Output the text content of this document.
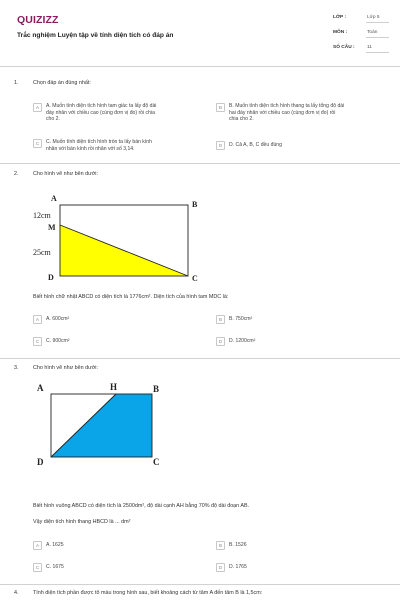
QUIZIZZ
Trắc nghiệm Luyện tập về tính diện tích có đáp án
LỚP :	Lớp 5
MÔN :	Toán
SỐ CÂU :	11
1.	Chọn đáp án đúng nhất:
A	A. Muốn tính diện tích hình tam giác ta lấy độ dài
đáy nhân với chiều cao (cùng đơn vị đo) rồi chia
cho 2.
B	B. Muốn tính diện tích hình thang ta lấy tổng độ dài
hai đáy nhân với chiều cao (cùng đơn vị đo) rồi
chia cho 2.
C	C. Muốn tính diện tích hình tròn ta lấy bán kính
nhân với bán kính rồi nhân với số 3,14.
D	D. Cả A, B, C đều đúng
2.	Cho hình vẽ như bên dưới:
A
B
C
D
M
12cm
25cm
Biết hình chữ nhật ABCD có diện tích là 1776cm². Diện tích của hình tam MDC là:
A	A. 600cm²	B	B. 750cm²
C	C. 900cm²	D	D. 1200cm²
3.	Cho hình vẽ như bên dưới:
A	H	B
C
D
Biết hình vuông ABCD có diện tích là 2500dm², độ dài cạnh AH bằng 70% độ dài đoạn AB.
Vậy diện tích hình thang HBCD là ... dm²
A	A. 1625	B	B. 1526
C	C. 1675	D	D. 1765
4.	Tính diện tích phần được tô màu trong hình sau, biết khoảng cách từ tâm A đến tâm B là 1,5cm:
